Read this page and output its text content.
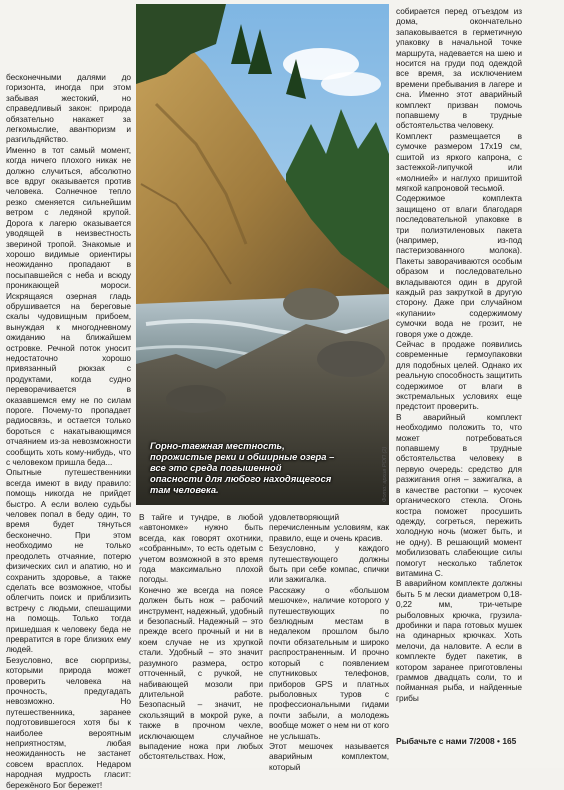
бесконечными далями до горизонта, иногда при этом забывая жестокий, но справедливый закон: природа обязательно накажет за легкомыслие, авантюризм и разгильдяйство.

Именно в тот самый момент, когда ничего плохого никак не должно случиться, абсолютно все вдруг оказывается против человека. Солнечное тепло резко сменяется сильнейшим ветром с ледяной крупой. Дорога к лагерю оказывается уводящей в неизвестность звериной тропой. Знакомые и хорошо видимые ориентиры неожиданно пропадают в посыпавшейся с неба и всюду проникающей мороси. Искрящаяся озерная гладь обрушивается на береговые скалы чудовищным прибоем, вынуждая к многодневному ожиданию на ближайшем островке. Речной поток уносит недостаточно хорошо привязанный рюкзак с продуктами, когда судно переворачивается в оказавшемся ему не по силам пороге. Почему-то пропадает радиосвязь, и остается только бороться с накатывающимся отчаянием из-за невозможности сообщить хоть кому-нибудь, что с человеком пришла беда...

Опытные путешественники всегда имеют в виду правило: помощь никогда не прийдет быстро. А если волею судьбы человек попал в беду один, то время будет тянуться бесконечно. При этом необходимо не только преодолеть отчаяние, потерю физических сил и апатию, но и сохранить здоровье, а также сделать все возможное, чтобы облегчить поиск и приблизить встречу с людьми, спешащими на помощь. Только тогда пришедшая к человеку беда не превратится в горе близких ему людей.

Безусловно, все сюрпризы, которыми природа может проверить человека на прочность, предугадать невозможно. Но путешественника, заранее подготовившегося хотя бы к наиболее вероятным неприятностям, любая неожиданность не застанет совсем врасплох. Недаром народная мудрость гласит: бережёного Бог бережет!

Горно-таежная местность, порожистые реки и обширные озера – все это среда повышенной опасности для любого находящегося там человека.	Фото: архив РОП (2)

В тайге и тундре, в любой «автономке» нужно быть всегда, как говорят охотники, «собранным», то есть одетым с учетом возможной в это время года максимально плохой погоды.

Конечно же всегда на поясе должен быть нож – рабочий инструмент, надежный, удобный и безопасный. Надежный – это прежде всего прочный и ни в коем случае не из хрупкой стали. Удобный – это значит разумного размера, остро отточенный, с ручкой, не набивающей мозоли при длительной работе. Безопасный – значит, не скользящий в мокрой руке, а также в прочном чехле, исключающем случайное выпадение ножа при любых обстоятельствах. Нож,

удовлетворяющий перечисленным условиям, как правило, еще и очень красив.

Безусловно, у каждого путешествующего должны быть при себе компас, спички или зажигалка.

Расскажу о «большом мешочке», наличие которого у путешествующих по безлюдным местам в недалеком прошлом было почти обязательным и широко распространенным. И прочно который с появлением спутниковых телефонов, приборов GPS и платных рыболовных туров с профессиональными гидами почти забыли, а молодежь вообще может о нем ни от кого не услышать.

Этот мешочек называется аварийным комплектом, который

собирается перед отъездом из дома, окончательно запаковывается в герметичную упаковку в начальной точке маршрута, надевается на шею и носится на груди под одеждой все время, за исключением времени пребывания в лагере и сна. Именно этот аварийный комплект призван помочь попавшему в трудные обстоятельства человеку.

Комплект размещается в сумочке размером 17х19 см, сшитой из яркого капрона, с застежкой-липучкой или «молнией» и наглухо пришитой мягкой капроновой тесьмой.

Содержимое комплекта защищено от влаги благодаря последовательной упаковке в три полиэтиленовых пакета (например, из-под пастеризованного молока). Пакеты заворачиваются особым образом и последовательно вкладываются один в другой каждый раз закруткой в другую сторону. Даже при случайном «купании» содержимому сумочки вода не грозит, не говоря уже о дожде.

Сейчас в продаже появились современные гермоупаковки для подобных целей. Однако их реальную способность защитить содержимое от влаги в экстремальных условиях еще предстоит проверить.

В аварийный комплект необходимо положить то, что может потребоваться попавшему в трудные обстоятельства человеку в первую очередь: средство для разжигания огня – зажигалка, а в качестве растопки – кусочек органического стекла. Огонь костра поможет просушить одежду, согреться, пережить холодную ночь (может быть, и не одну). В решающий момент мобилизовать слабеющие силы помогут несколько таблеток витамина С.

В аварийном комплекте должны быть 5 м лески диаметром 0,18-0,22 мм, три-четыре рыболовных крючка, грузила-дробинки и пара готовых мушек на одинарных крючках. Хоть мелочи, да наловите. А если в комплекте будет пакетик, в котором заранее приготовлены граммов двадцать соли, то и пойманная рыба, и найденные грибы

Рыбачьте с нами 7/2008 • 165
